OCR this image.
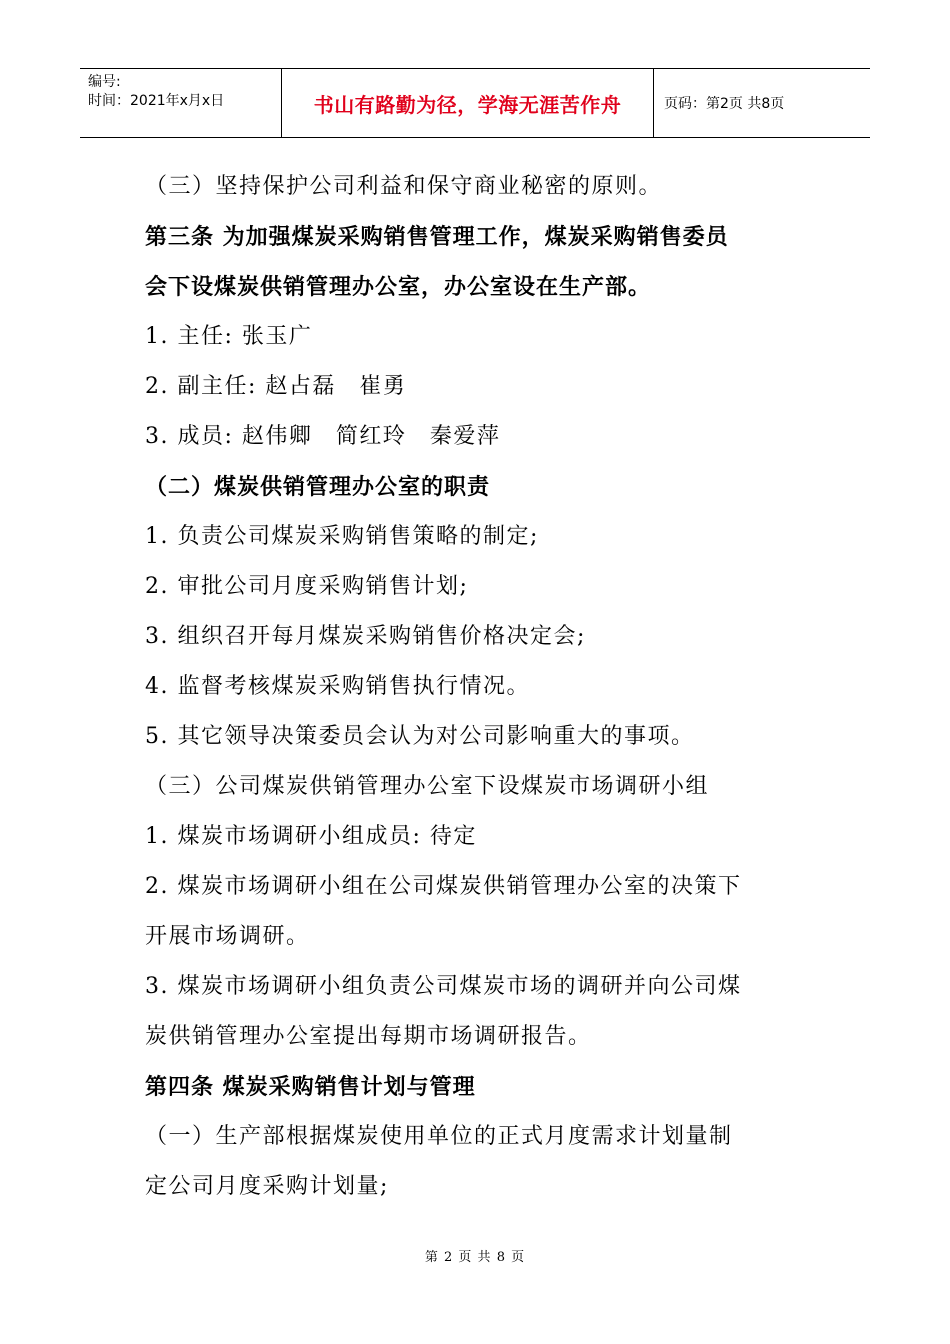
编号:
时间：2021年x月x日	书山有路勤为径，学海无涯苦作舟	页码：第2页 共8页
（三）坚持保护公司利益和保守商业秘密的原则。
第三条 为加强煤炭采购销售管理工作，煤炭采购销售委员
会下设煤炭供销管理办公室，办公室设在生产部。
1. 主任: 张玉广
2. 副主任: 赵占磊　崔勇
3. 成员: 赵伟卿　简红玲　秦爱萍
（二）煤炭供销管理办公室的职责
1. 负责公司煤炭采购销售策略的制定;
2. 审批公司月度采购销售计划;
3. 组织召开每月煤炭采购销售价格决定会;
4. 监督考核煤炭采购销售执行情况。
5. 其它领导决策委员会认为对公司影响重大的事项。
（三）公司煤炭供销管理办公室下设煤炭市场调研小组
1. 煤炭市场调研小组成员: 待定
2. 煤炭市场调研小组在公司煤炭供销管理办公室的决策下
开展市场调研。
3. 煤炭市场调研小组负责公司煤炭市场的调研并向公司煤
炭供销管理办公室提出每期市场调研报告。
第四条 煤炭采购销售计划与管理
（一）生产部根据煤炭使用单位的正式月度需求计划量制
定公司月度采购计划量;
第 2 页 共 8 页
